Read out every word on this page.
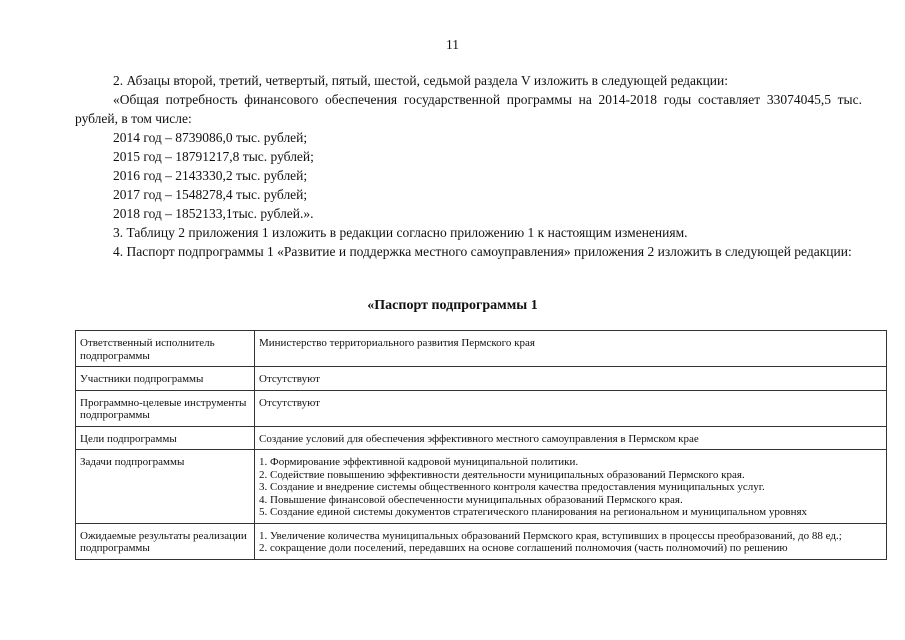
11

2. Абзацы второй, третий, четвертый, пятый, шестой, седьмой раздела V изложить в следующей редакции:

«Общая потребность финансового обеспечения государственной программы на 2014-2018 годы составляет 33074045,5 тыс. рублей, в том числе:

2014 год – 8739086,0 тыс. рублей;

2015 год – 18791217,8 тыс. рублей;

2016 год – 2143330,2 тыс. рублей;

2017 год – 1548278,4 тыс. рублей;

2018 год – 1852133,1тыс. рублей.».

3. Таблицу 2 приложения 1 изложить в редакции согласно приложению 1 к настоящим изменениям.

4. Паспорт подпрограммы 1 «Развитие и поддержка местного самоуправления» приложения 2 изложить в следующей редакции:

«Паспорт подпрограммы 1
Ответственный исполнитель подпрограммы	Министерство территориального развития Пермского края

Участники подпрограммы	Отсутствуют

Программно-целевые инструменты подпрограммы	Отсутствуют

Цели подпрограммы	Создание условий для обеспечения эффективного местного самоуправления в Пермском крае

Задачи подпрограммы	1. Формирование эффективной кадровой муниципальной политики.
2. Содействие повышению эффективности деятельности муниципальных образований Пермского края.
3. Создание и внедрение системы общественного контроля качества предоставления муниципальных услуг.
4. Повышение финансовой обеспеченности муниципальных образований Пермского края.
5. Создание единой системы документов стратегического планирования на региональном и муниципальном уровнях

Ожидаемые результаты реализации подпрограммы	1. Увеличение количества муниципальных образований Пермского края, вступивших в процессы преобразований, до 88 ед.;
2. сокращение доли поселений, передавших на основе соглашений полномочия (часть полномочий) по решению
